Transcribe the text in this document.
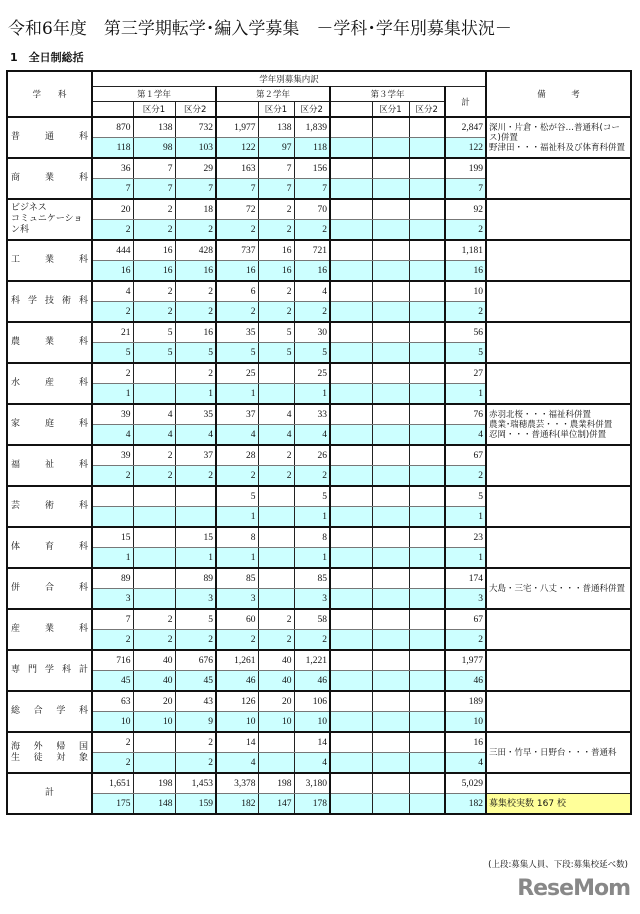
令和6年度　第三学期転学･編入学募集　－学科･学年別募集状況－
1　全日制総括
学　　科	学年別募集内訳										備　　　考
	第１学年			第２学年			第３学年			計	
		区分1	区分2		区分1	区分2		区分1	区分2		

普　通　科	870	138	732	1,977	138	1,839				2,847	深川・片倉・松が谷…普通科(コース)併置
野津田・・・福祉科及び体育科併置
	118	98	103	122	97	118				122	

商　業　科	36	7	29	163	7	156				199	
	7	7	7	7	7	7				7	

ビジネス
コミュニケーション科	20	2	18	72	2	70				92	
	2	2	2	2	2	2				2	

工　業　科	444	16	428	737	16	721				1,181	
	16	16	16	16	16	16				16	

科学技術科	4	2	2	6	2	4				10	
	2	2	2	2	2	2				2	

農　業　科	21	5	16	35	5	30				56	
	5	5	5	5	5	5				5	

水　産　科	2		2	25		25				27	
	1		1	1		1				1	

家　庭　科	39	4	35	37	4	33				76	赤羽北桜・・・福祉科併置
農業･瑞穂農芸・・・農業科併置
忍岡・・・普通科(単位制)併置
	4	4	4	4	4	4				4	

福　祉　科	39	2	37	28	2	26				67	
	2	2	2	2	2	2				2	

芸　術　科				5		5				5	
				1		1				1	

体　育　科	15		15	8		8				23	
	1		1	1		1				1	

併　合　科	89		89	85		85				174	大島・三宅・八丈・・・普通科併置
	3		3	3		3				3	

産　業　科	7	2	5	60	2	58				67	
	2	2	2	2	2	2				2	

専門学科計	716	40	676	1,261	40	1,221				1,977	
	45	40	45	46	40	46				46	

総合学科	63	20	43	126	20	106				189	
	10	10	9	10	10	10				10	

海外帰国
生徒対象	2		2	14		14				16	三田・竹早・日野台・・・普通科
	2		2	4		4				4	
計	1,651	198	1,453	3,378	198	3,180				5,029	
	175	148	159	182	147	178				182	募集校実数 167 校
(上段:募集人員、下段:募集校延べ数)
ReseMom
